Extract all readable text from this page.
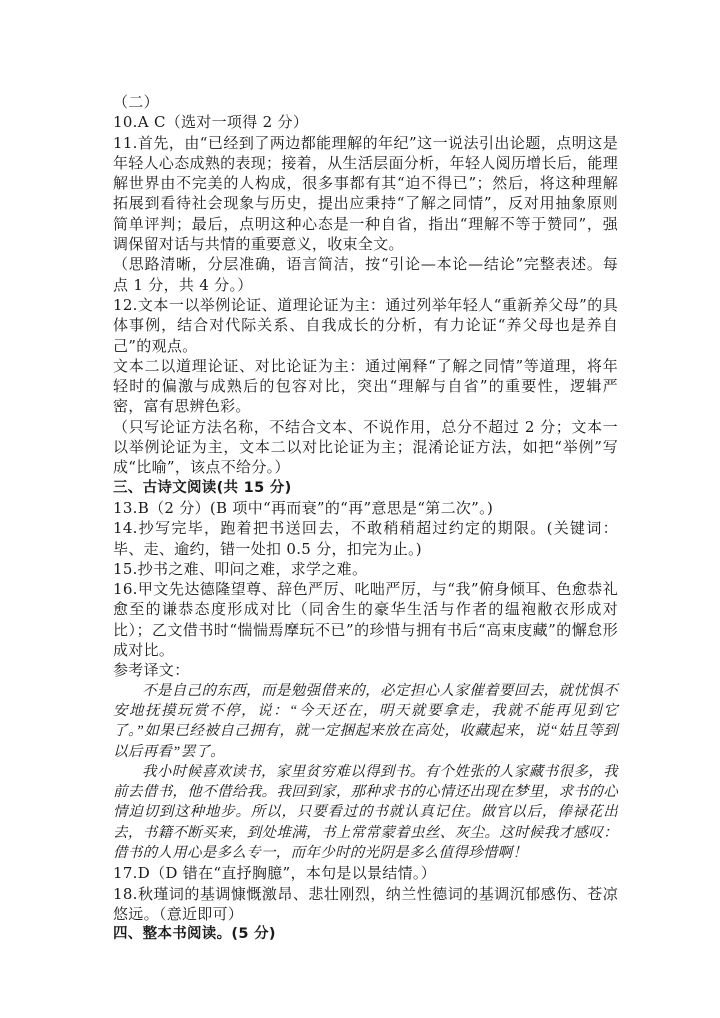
（二）

10.A C（选对一项得 2 分）

11.首先，由“已经到了两边都能理解的年纪”这一说法引出论题，点明这是年轻人心态成熟的表现；接着，从生活层面分析，年轻人阅历增长后，能理解世界由不完美的人构成，很多事都有其“迫不得已”；然后，将这种理解拓展到看待社会现象与历史，提出应秉持“了解之同情”，反对用抽象原则简单评判；最后，点明这种心态是一种自省，指出“理解不等于赞同”，强调保留对话与共情的重要意义，收束全文。

（思路清晰，分层准确，语言简洁，按“引论—本论—结论”完整表述。每点 1 分，共 4 分。）

12.文本一以举例论证、道理论证为主：通过列举年轻人“重新养父母”的具体事例，结合对代际关系、自我成长的分析，有力论证“养父母也是养自己”的观点。

文本二以道理论证、对比论证为主：通过阐释“了解之同情”等道理，将年轻时的偏激与成熟后的包容对比，突出“理解与自省”的重要性，逻辑严密，富有思辨色彩。

（只写论证方法名称，不结合文本、不说作用，总分不超过 2 分；文本一以举例论证为主，文本二以对比论证为主；混淆论证方法，如把“举例”写成“比喻”，该点不给分。）

三、古诗文阅读(共 15 分)

13.B（2 分）(B 项中“再而衰”的“再”意思是“第二次”。)

14.抄写完毕，跑着把书送回去，不敢稍稍超过约定的期限。(关键词：毕、走、逾约，错一处扣 0.5 分，扣完为止。)

15.抄书之难、叩问之难，求学之难。

16.甲文先达德隆望尊、辞色严厉、叱咄严厉，与“我”俯身倾耳、色愈恭礼愈至的谦恭态度形成对比（同舍生的豪华生活与作者的缊袍敝衣形成对比）；乙文借书时“惴惴焉摩玩不已”的珍惜与拥有书后“高束庋藏”的懈怠形成对比。

参考译文：

不是自己的东西，而是勉强借来的，必定担心人家催着要回去，就忧惧不安地抚摸玩赏不停，说：“今天还在，明天就要拿走，我就不能再见到它了。”如果已经被自己拥有，就一定捆起来放在高处，收藏起来，说“姑且等到以后再看”罢了。

我小时候喜欢读书，家里贫穷难以得到书。有个姓张的人家藏书很多，我前去借书，他不借给我。我回到家，那种求书的心情还出现在梦里，求书的心情迫切到这种地步。所以，只要看过的书就认真记住。做官以后，俸禄花出去，书籍不断买来，到处堆满，书上常常蒙着虫丝、灰尘。这时候我才感叹：借书的人用心是多么专一，而年少时的光阴是多么值得珍惜啊！

17.D（D 错在“直抒胸臆”，本句是以景结情。）

18.秋瑾词的基调慷慨激昂、悲壮刚烈，纳兰性德词的基调沉郁感伤、苍凉悠远。（意近即可）

四、整本书阅读。(5 分)
